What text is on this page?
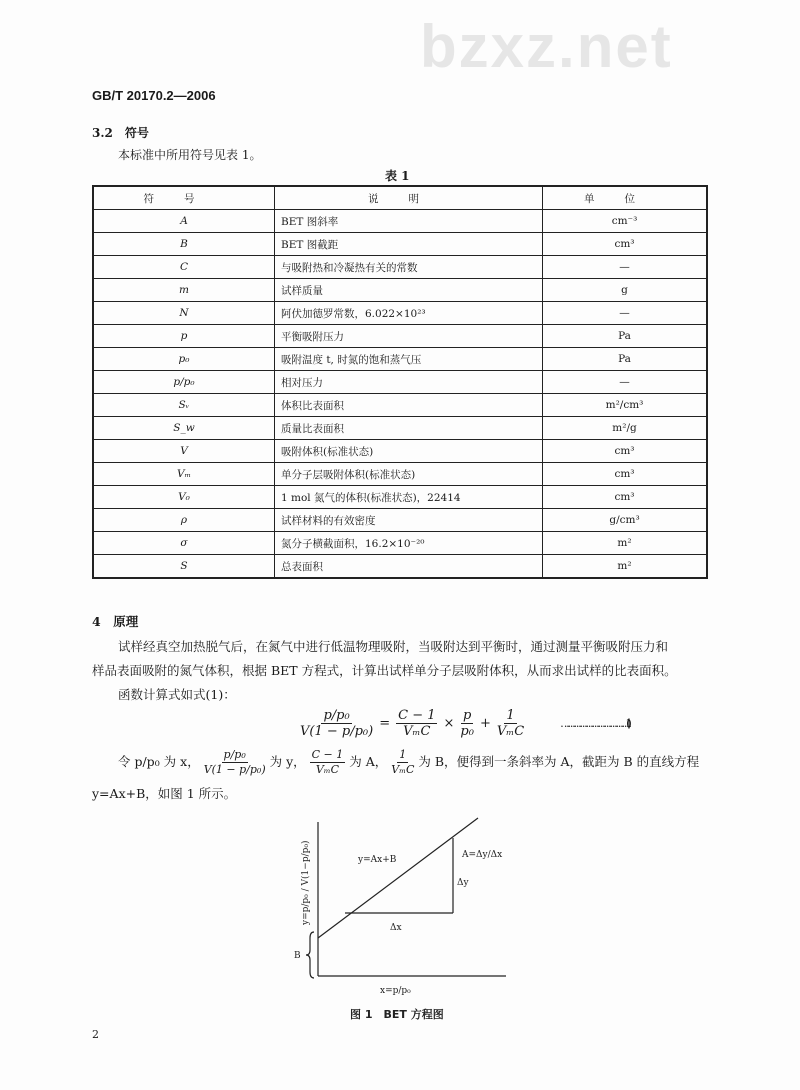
bzxz.net
GB/T 20170.2—2006
3.2　符号
本标准中所用符号见表 1。
表 1
符号	说明	单位
A	BET 图斜率	cm⁻³
B	BET 图截距	cm³
C	与吸附热和冷凝热有关的常数	—
m	试样质量	g
N	阿伏加德罗常数，6.022×10²³	—
p	平衡吸附压力	Pa
p₀	吸附温度 t, 时氮的饱和蒸气压	Pa
p/p₀	相对压力	—
Sᵥ	体积比表面积	m²/cm³
S_w	质量比表面积	m²/g
V	吸附体积(标准状态)	cm³
Vₘ	单分子层吸附体积(标准状态)	cm³
V₀	1 mol 氮气的体积(标准状态)，22414	cm³
ρ	试样材料的有效密度	g/cm³
σ	氮分子横截面积，16.2×10⁻²⁰	m²
S	总表面积	m²
4　原理
试样经真空加热脱气后，在氮气中进行低温物理吸附，当吸附达到平衡时，通过测量平衡吸附压力和
样品表面吸附的氮气体积，根据 BET 方程式，计算出试样单分子层吸附体积，从而求出试样的比表面积。
函数计算式如式(1)：
$\frac{\text{p/p₀}}{\text{V(1 − p/p₀)}} = \frac{C - 1}{\text{VₘC}} \times \frac{p}{\text{p₀}} + \frac{1}{\text{VₘC}}$	……………………………(1)
令 p/p₀ 为 x， $\frac{\text{p/p₀}}{\text{V(1 − p/p₀)}}$ 为 y， $\frac{C - 1}{\text{VₘC}}$ 为 A， $\frac{1}{\text{VₘC}}$ 为 B，便得到一条斜率为 A，截距为 B 的直线方程
y=Ax+B，如图 1 所示。
y=Ax+B	A=Δy/Δx
Δy
Δx
B
x=p/p₀
y=p/p₀ / V(1−p/p₀)
图 1　BET 方程图
2
